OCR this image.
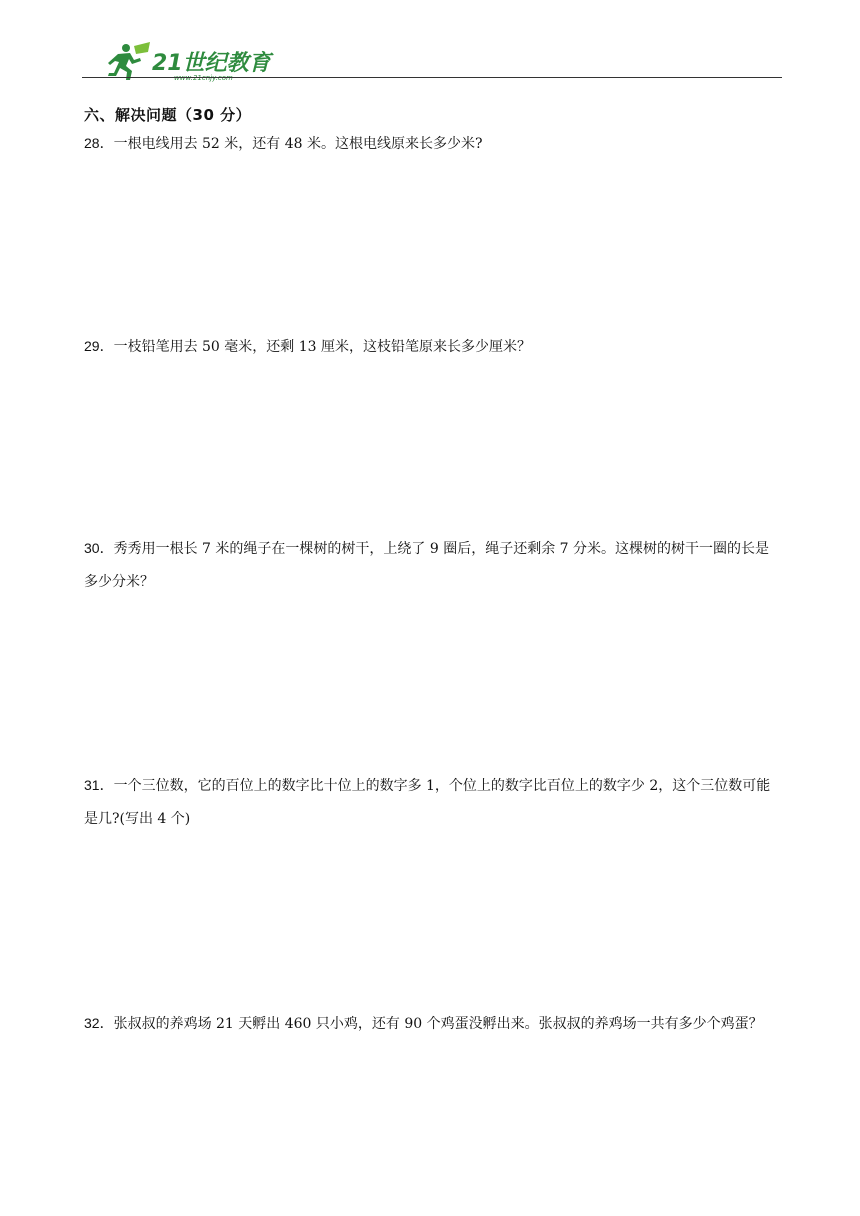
21世纪教育
www.21cnjy.com
六、解决问题（30 分）
28．一根电线用去 52 米，还有 48 米。这根电线原来长多少米?
29．一枝铅笔用去 50 毫米，还剩 13 厘米，这枝铅笔原来长多少厘米？
30．秀秀用一根长 7 米的绳子在一棵树的树干，上绕了 9 圈后，绳子还剩余 7 分米。这棵树的树干一圈的长是多少分米？
31．一个三位数，它的百位上的数字比十位上的数字多 1，个位上的数字比百位上的数字少 2，这个三位数可能是几?(写出 4 个)
32．张叔叔的养鸡场 21 天孵出 460 只小鸡，还有 90 个鸡蛋没孵出来。张叔叔的养鸡场一共有多少个鸡蛋？
